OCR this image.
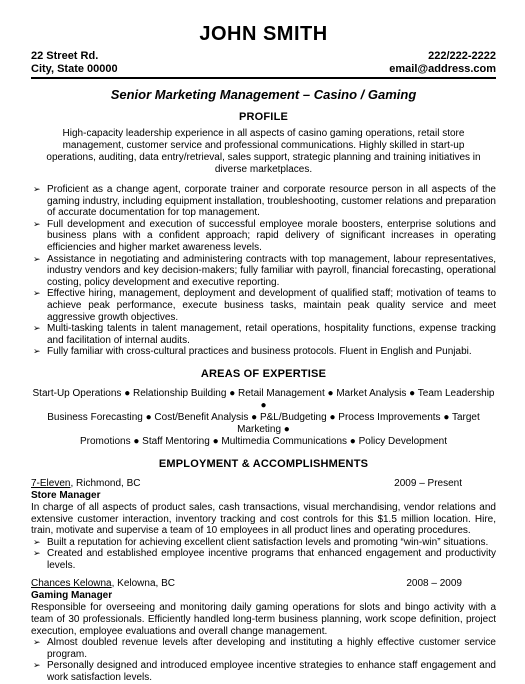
JOHN SMITH
22 Street Rd.
City, State 00000
222/222-2222
email@address.com
Senior Marketing Management – Casino / Gaming
PROFILE
High-capacity leadership experience in all aspects of casino gaming operations, retail store management, customer service and professional communications. Highly skilled in start-up operations, auditing, data entry/retrieval, sales support, strategic planning and training initiatives in diverse marketplaces.
➢ Proficient as a change agent, corporate trainer and corporate resource person in all aspects of the gaming industry, including equipment installation, troubleshooting, customer relations and preparation of accurate documentation for top management.
➢ Full development and execution of successful employee morale boosters, enterprise solutions and business plans with a confident approach; rapid delivery of significant increases in operating efficiencies and higher market awareness levels.
➢ Assistance in negotiating and administering contracts with top management, labour representatives, industry vendors and key decision-makers; fully familiar with payroll, financial forecasting, operational costing, policy development and executive reporting.
➢ Effective hiring, management, deployment and development of qualified staff; motivation of teams to achieve peak performance, execute business tasks, maintain peak quality service and meet aggressive growth objectives.
➢ Multi-tasking talents in talent management, retail operations, hospitality functions, expense tracking and facilitation of internal audits.
➢ Fully familiar with cross-cultural practices and business protocols. Fluent in English and Punjabi.
AREAS OF EXPERTISE
Start-Up Operations ● Relationship Building ● Retail Management ● Market Analysis ● Team Leadership ●
Business Forecasting ● Cost/Benefit Analysis ● P&L/Budgeting ● Process Improvements ● Target Marketing ●
Promotions ● Staff Mentoring ● Multimedia Communications ● Policy Development
EMPLOYMENT & ACCOMPLISHMENTS
7-Eleven, Richmond, BC	2009 – Present
Store Manager
In charge of all aspects of product sales, cash transactions, visual merchandising, vendor relations and extensive customer interaction, inventory tracking and cost controls for this $1.5 million location. Hire, train, motivate and supervise a team of 10 employees in all product lines and operating procedures.
➢ Built a reputation for achieving excellent client satisfaction levels and promoting “win-win” situations.
➢ Created and established employee incentive programs that enhanced engagement and productivity levels.
Chances Kelowna, Kelowna, BC	2008 – 2009
Gaming Manager
Responsible for overseeing and monitoring daily gaming operations for slots and bingo activity with a team of 30 professionals. Efficiently handled long-term business planning, work scope definition, project execution, employee evaluations and overall change management.
➢ Almost doubled revenue levels after developing and instituting a highly effective customer service program.
➢ Personally designed and introduced employee incentive strategies to enhance staff engagement and work satisfaction levels.
